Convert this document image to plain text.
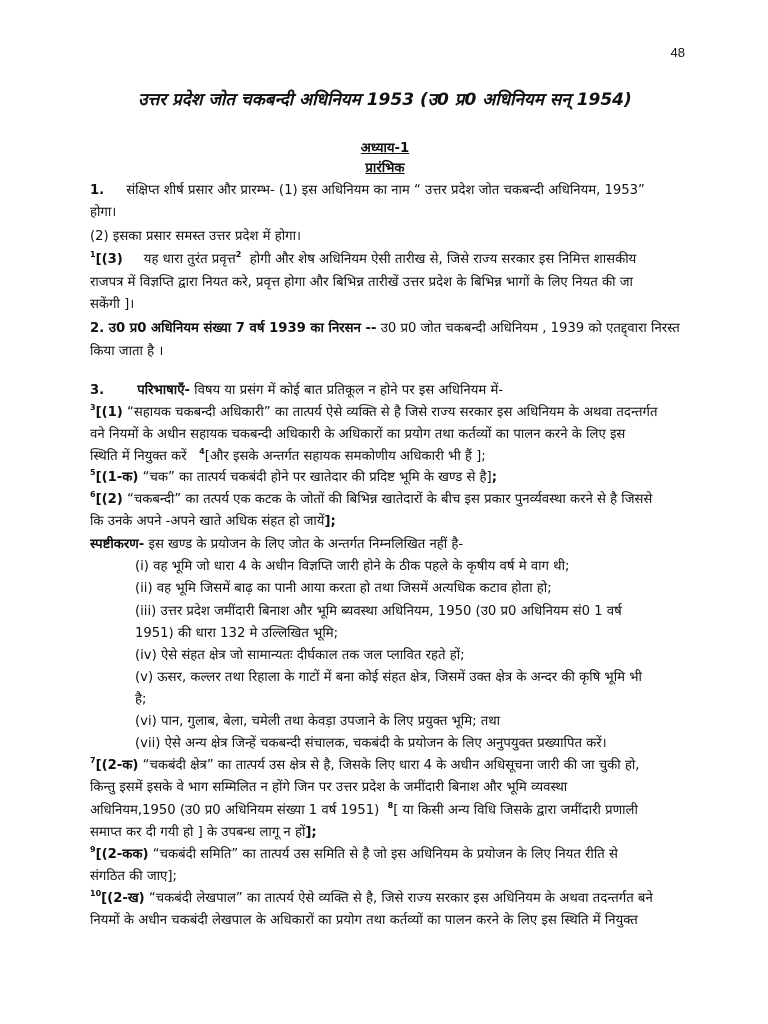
48
उत्तर प्रदेश जोत चकबन्दी अधिनियम 1953 (उ0 प्र0 अधिनियम सन् 1954)
अध्याय-1
प्रारंभिक
1. संक्षिप्त शीर्ष प्रसार और प्रारम्भ- (1) इस अधिनियम का नाम “ उत्तर प्रदेश जोत चकबन्दी अधिनियम, 1953”
होगा।
(2) इसका प्रसार समस्त उत्तर प्रदेश में होगा।
$^1$[(3)     यह धारा तुरंत प्रवृत्त$^2$  होगी और शेष अधिनियम ऐसी तारीख से, जिसे राज्य सरकार इस निमित्त शासकीय
राजपत्र में विज्ञप्ति द्वारा नियत करे, प्रवृत्त होगा और बिभिन्न तारीखें उत्तर प्रदेश के बिभिन्न भागों के लिए नियत की जा
सकेंगी ]।
2. उ0 प्र0 अधिनियम संख्या 7 वर्ष 1939 का निरसन -- उ0 प्र0 जोत चकबन्दी अधिनियम , 1939 को एतद्द्वारा निरस्त
किया जाता है ।
3.	परिभाषाएँ- विषय या प्रसंग में कोई बात प्रतिकूल न होने पर इस अधिनियम में-
$^3$[(1) “सहायक चकबन्दी अधिकारी” का तात्पर्य ऐसे व्यक्ति से है जिसे राज्य सरकार इस अधिनियम के अथवा तदन्तर्गत
वने नियमों के अधीन सहायक चकबन्दी अधिकारी के अधिकारों का प्रयोग तथा कर्तव्यों का पालन करने के लिए इस
स्थिति में नियुक्त करें   $^4$[और इसके अन्तर्गत सहायक समकोणीय अधिकारी भी हैं ];
$^5$[(1-क) “चक” का तात्पर्य चकबंदी होने पर खातेदार की प्रदिष्ट भूमि के खण्ड से है];
$^6$[(2) “चकबन्दी” का तत्पर्य एक कटक के जोतों की बिभिन्न खातेदारों के बीच इस प्रकार पुनर्व्यवस्था करने से है जिससे
कि उनके अपने -अपने खाते अधिक संहत हो जायें];
स्पष्टीकरण- इस खण्ड के प्रयोजन के लिए जोत के अन्तर्गत निम्नलिखित नहीं है-
(i) वह भूमि जो धारा 4 के अधीन विज्ञप्ति जारी होने के ठीक पहले के कृषीय वर्ष मे वाग थी;
(ii) वह भूमि जिसमें बाढ़ का पानी आया करता हो तथा जिसमें अत्यधिक कटाव होता हो;
(iii) उत्तर प्रदेश जमींदारी बिनाश और भूमि ब्यवस्था अधिनियम, 1950 (उ0 प्र0 अधिनियम सं0 1 वर्ष
1951) की धारा 132 मे उल्लिखित भूमि;
(iv) ऐसे संहत क्षेत्र जो सामान्यतः दीर्घकाल तक जल प्लावित रहते हों;
(v) ऊसर, कल्लर तथा रिहाला के गाटों में बना कोई संहत क्षेत्र, जिसमें उक्त क्षेत्र के अन्दर की कृषि भूमि भी
है;
(vi) पान, गुलाब, बेला, चमेली तथा केवड़ा उपजाने के लिए प्रयुक्त भूमि; तथा
(vii) ऐसे अन्य क्षेत्र जिन्हें चकबन्दी संचालक, चकबंदी के प्रयोजन के लिए अनुपयुक्त प्रख्यापित करें।
$^7$[(2-क) “चकबंदी क्षेत्र” का तात्पर्य उस क्षेत्र से है, जिसके लिए धारा 4 के अधीन अधिसूचना जारी की जा चुकी हो,
किन्तु इसमें इसके वे भाग सम्मिलित न होंगे जिन पर उत्तर प्रदेश के जमींदारी बिनाश और भूमि व्यवस्था
अधिनियम,1950 (उ0 प्र0 अधिनियम संख्या 1 वर्ष 1951)  $^8$[ या किसी अन्य विधि जिसके द्वारा जमींदारी प्रणाली
समाप्त कर दी गयी हो ] के उपबन्ध लागू न हों];
$^9$[(2-कक) “चकबंदी समिति” का तात्पर्य उस समिति से है जो इस अधिनियम के प्रयोजन के लिए नियत रीति से
संगठित की जाए];
$^{10}$[(2-ख) “चकबंदी लेखपाल” का तात्पर्य ऐसे व्यक्ति से है, जिसे राज्य सरकार इस अधिनियम के अथवा तदन्तर्गत बने
नियमों के अधीन चकबंदी लेखपाल के अधिकारों का प्रयोग तथा कर्तव्यों का पालन करने के लिए इस स्थिति में नियुक्त
